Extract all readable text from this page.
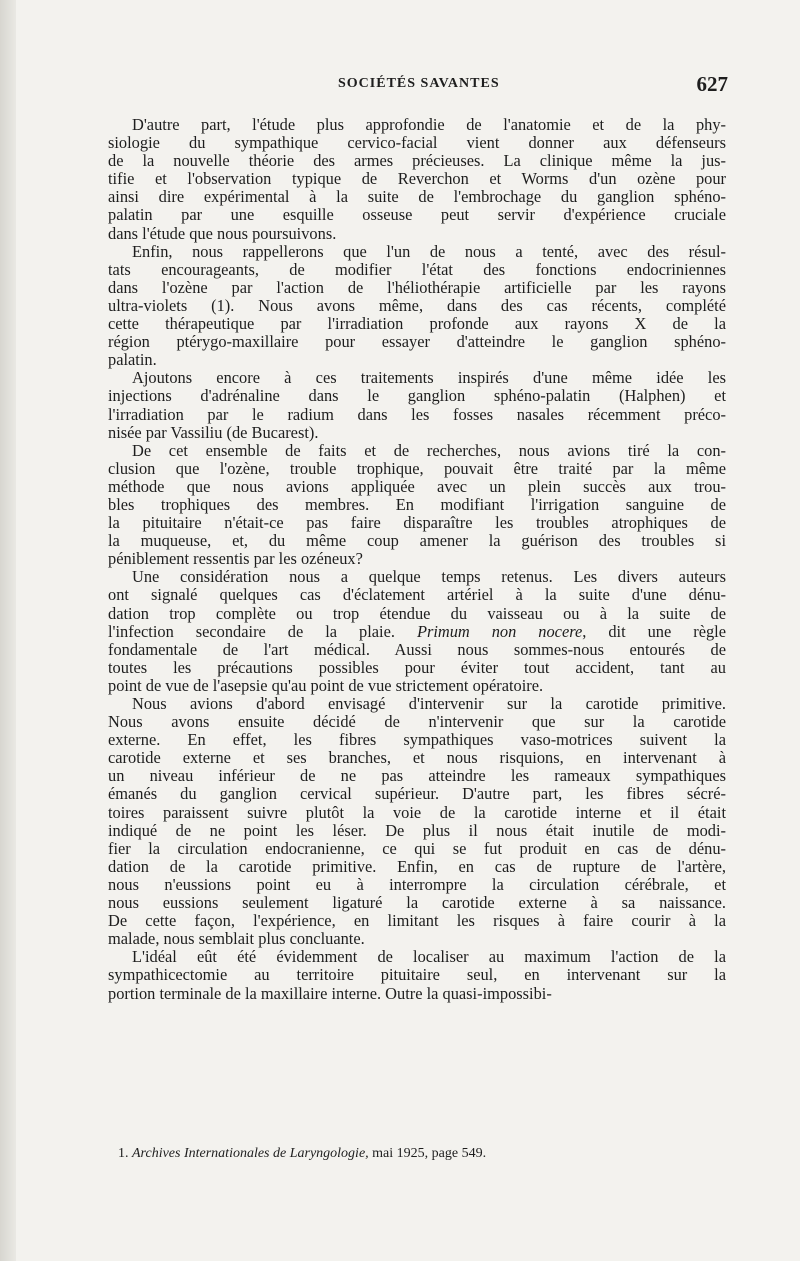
SOCIÉTÉS SAVANTES	627
D'autre part, l'étude plus approfondie de l'anatomie et de la phy-
siologie du sympathique cervico-facial vient donner aux défenseurs
de la nouvelle théorie des armes précieuses. La clinique même la jus-
tifie et l'observation typique de Reverchon et Worms d'un ozène pour
ainsi dire expérimental à la suite de l'embrochage du ganglion sphéno-
palatin par une esquille osseuse peut servir d'expérience cruciale
dans l'étude que nous poursuivons.
Enfin, nous rappellerons que l'un de nous a tenté, avec des résul-
tats encourageants, de modifier l'état des fonctions endocriniennes
dans l'ozène par l'action de l'héliothérapie artificielle par les rayons
ultra-violets (1). Nous avons même, dans des cas récents, complété
cette thérapeutique par l'irradiation profonde aux rayons X de la
région ptérygo-maxillaire pour essayer d'atteindre le ganglion sphéno-
palatin.
Ajoutons encore à ces traitements inspirés d'une même idée les
injections d'adrénaline dans le ganglion sphéno-palatin (Halphen) et
l'irradiation par le radium dans les fosses nasales récemment préco-
nisée par Vassiliu (de Bucarest).
De cet ensemble de faits et de recherches, nous avions tiré la con-
clusion que l'ozène, trouble trophique, pouvait être traité par la même
méthode que nous avions appliquée avec un plein succès aux trou-
bles trophiques des membres. En modifiant l'irrigation sanguine de
la pituitaire n'était-ce pas faire disparaître les troubles atrophiques de
la muqueuse, et, du même coup amener la guérison des troubles si
péniblement ressentis par les ozéneux?
Une considération nous a quelque temps retenus. Les divers auteurs
ont signalé quelques cas d'éclatement artériel à la suite d'une dénu-
dation trop complète ou trop étendue du vaisseau ou à la suite de
l'infection secondaire de la plaie. Primum non nocere, dit une règle
fondamentale de l'art médical. Aussi nous sommes-nous entourés de
toutes les précautions possibles pour éviter tout accident, tant au
point de vue de l'asepsie qu'au point de vue strictement opératoire.
Nous avions d'abord envisagé d'intervenir sur la carotide primitive.
Nous avons ensuite décidé de n'intervenir que sur la carotide
externe. En effet, les fibres sympathiques vaso-motrices suivent la
carotide externe et ses branches, et nous risquions, en intervenant à
un niveau inférieur de ne pas atteindre les rameaux sympathiques
émanés du ganglion cervical supérieur. D'autre part, les fibres sécré-
toires paraissent suivre plutôt la voie de la carotide interne et il était
indiqué de ne point les léser. De plus il nous était inutile de modi-
fier la circulation endocranienne, ce qui se fut produit en cas de dénu-
dation de la carotide primitive. Enfin, en cas de rupture de l'artère,
nous n'eussions point eu à interrompre la circulation cérébrale, et
nous eussions seulement ligaturé la carotide externe à sa naissance.
De cette façon, l'expérience, en limitant les risques à faire courir à la
malade, nous semblait plus concluante.
L'idéal eût été évidemment de localiser au maximum l'action de la
sympathicectomie au territoire pituitaire seul, en intervenant sur la
portion terminale de la maxillaire interne. Outre la quasi-impossibi-
1. Archives Internationales de Laryngologie, mai 1925, page 549.
